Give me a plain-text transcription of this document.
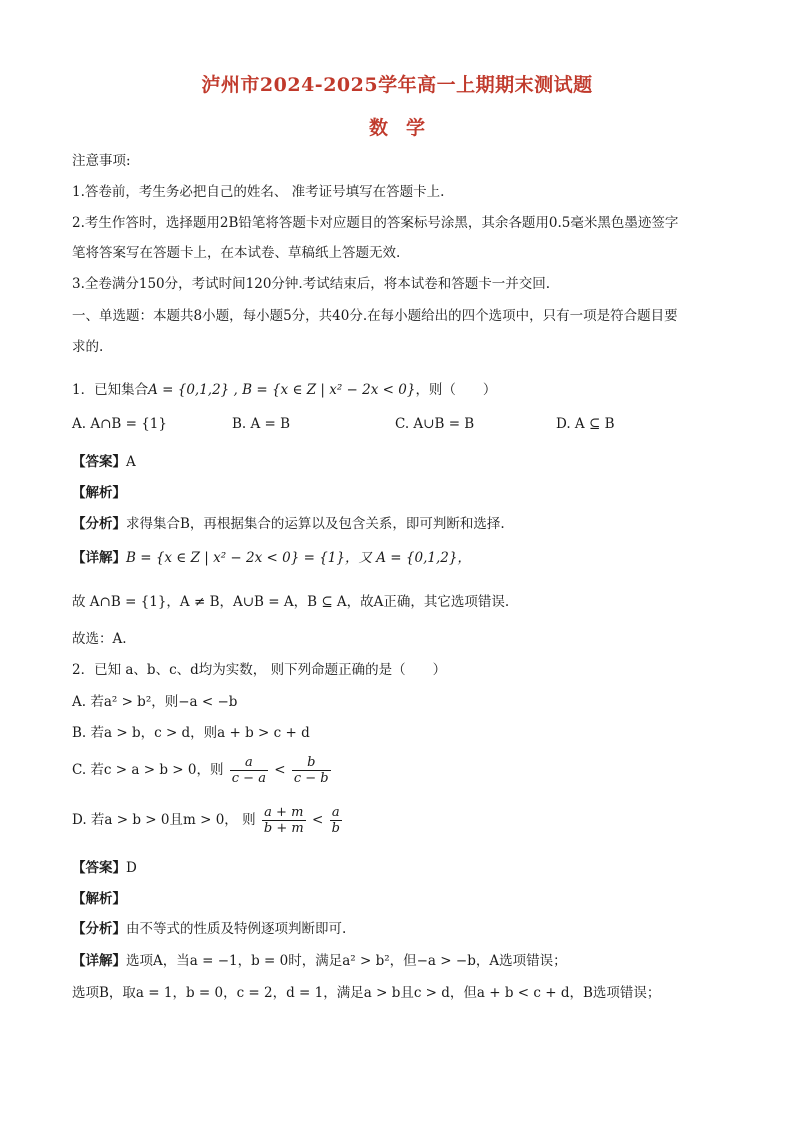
泸州市2024-2025学年高一上期期末测试题
数学
注意事项:
1.答卷前，考生务必把自己的姓名、 准考证号填写在答题卡上.
2.考生作答时，选择题用2B铅笔将答题卡对应题目的答案标号涂黑，其余各题用0.5毫米黑色墨迹签字
笔将答案写在答题卡上，在本试卷、草稿纸上答题无效.
3.全卷满分150分，考试时间120分钟.考试结束后，将本试卷和答题卡一并交回.
一、单选题：本题共8小题，每小题5分，共40分.在每小题给出的四个选项中，只有一项是符合题目要
求的.
1．已知集合A = {0,1,2} , B = {x ∈ Z | x² − 2x < 0}，则（　　）
A. A∩B = {1}	B. A = B	C. A∪B = B	D. A ⊆ B
【答案】A
【解析】
【分析】求得集合B，再根据集合的运算以及包含关系，即可判断和选择.
【详解】B = {x ∈ Z | x² − 2x < 0} = {1}，又 A = {0,1,2}，
故 A∩B = {1}，A ≠ B，A∪B = A，B ⊆ A，故A正确，其它选项错误.
故选：A.
2．已知 a、b、c、d均为实数， 则下列命题正确的是（　　）
A. 若a² > b²，则−a < −b
B. 若a > b，c > d，则a + b > c + d
C. 若c > a > b > 0，则 $\frac{a}{c - a} < \frac{b}{c - b}$
D. 若a > b > 0且m > 0， 则 $\frac{a + m}{b + m} < \frac{a}{b}$
【答案】D
【解析】
【分析】由不等式的性质及特例逐项判断即可.
【详解】选项A，当a = −1，b = 0时，满足a² > b²，但−a > −b，A选项错误；
选项B，取a = 1，b = 0，c = 2，d = 1，满足a > b且c > d，但a + b < c + d，B选项错误；
